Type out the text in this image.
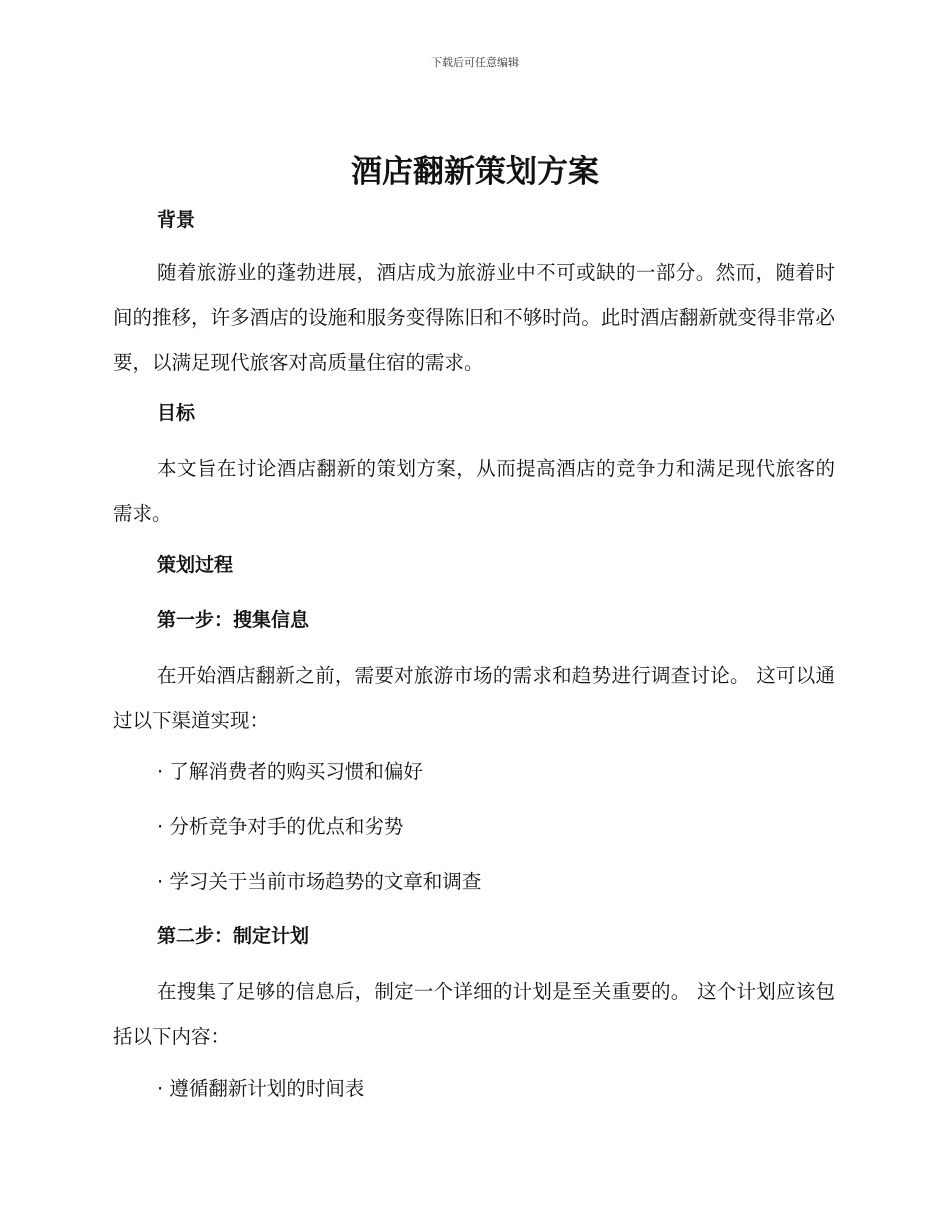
下载后可任意编辑
酒店翻新策划方案
背景
随着旅游业的蓬勃进展，酒店成为旅游业中不可或缺的一部分。然而，随着时间的推移，许多酒店的设施和服务变得陈旧和不够时尚。此时酒店翻新就变得非常必要，以满足现代旅客对高质量住宿的需求。
目标
本文旨在讨论酒店翻新的策划方案，从而提高酒店的竞争力和满足现代旅客的需求。
策划过程
第一步：搜集信息
在开始酒店翻新之前，需要对旅游市场的需求和趋势进行调查讨论。 这可以通过以下渠道实现：
· 了解消费者的购买习惯和偏好
· 分析竞争对手的优点和劣势
· 学习关于当前市场趋势的文章和调查
第二步：制定计划
在搜集了足够的信息后，制定一个详细的计划是至关重要的。 这个计划应该包括以下内容：
· 遵循翻新计划的时间表
